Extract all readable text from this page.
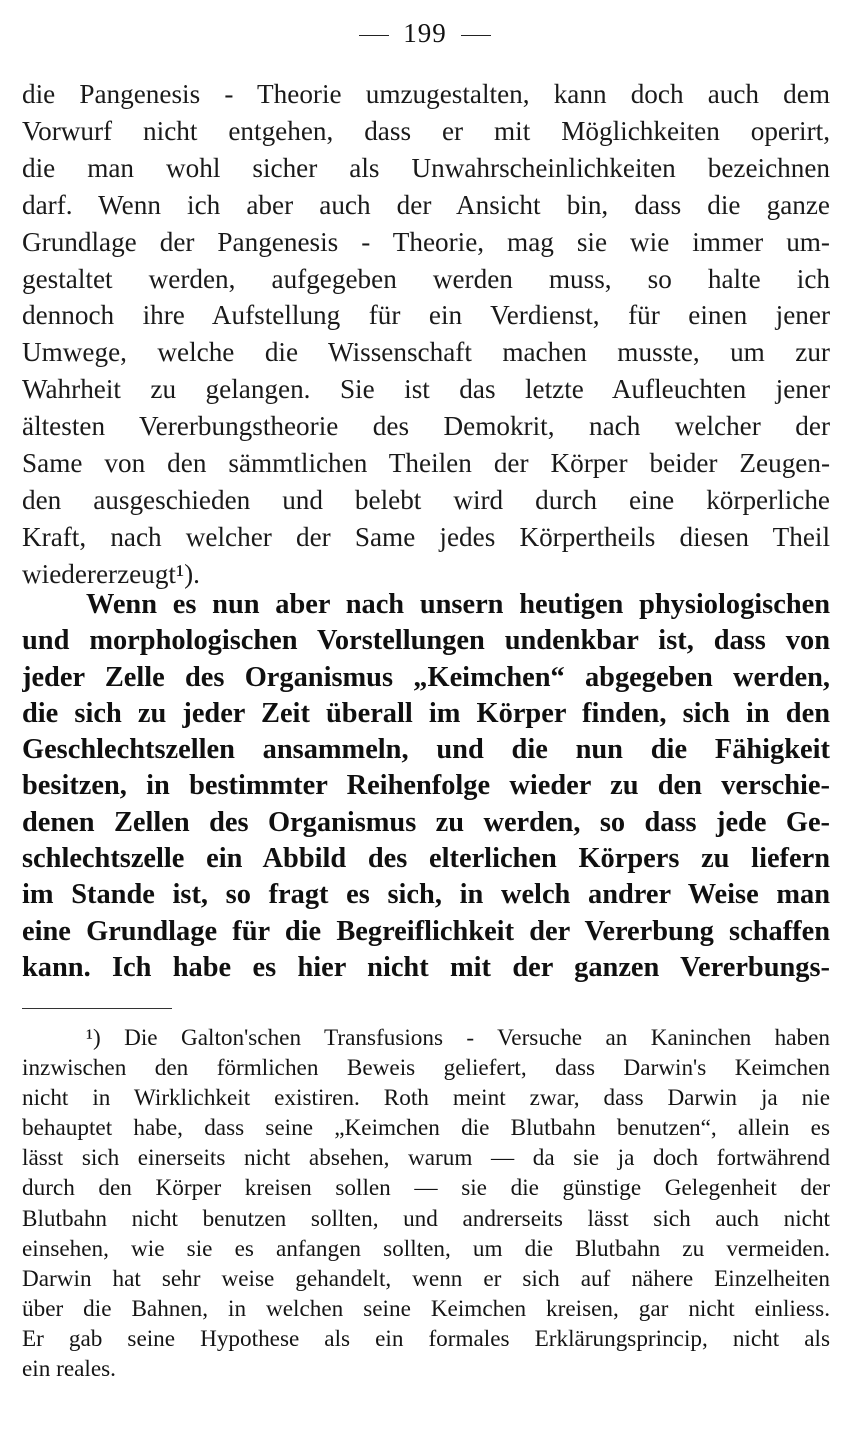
199
die Pangenesis - Theorie umzugestalten, kann doch auch dem
Vorwurf nicht entgehen, dass er mit Möglichkeiten operirt,
die man wohl sicher als Unwahrscheinlichkeiten bezeichnen
darf. Wenn ich aber auch der Ansicht bin, dass die ganze
Grundlage der Pangenesis - Theorie, mag sie wie immer um-
gestaltet werden, aufgegeben werden muss, so halte ich
dennoch ihre Aufstellung für ein Verdienst, für einen jener
Umwege, welche die Wissenschaft machen musste, um zur
Wahrheit zu gelangen. Sie ist das letzte Aufleuchten jener
ältesten Vererbungstheorie des Demokrit, nach welcher der
Same von den sämmtlichen Theilen der Körper beider Zeugen-
den ausgeschieden und belebt wird durch eine körperliche
Kraft, nach welcher der Same jedes Körpertheils diesen Theil
wiedererzeugt¹).
Wenn es nun aber nach unsern heutigen physiologischen
und morphologischen Vorstellungen undenkbar ist, dass von
jeder Zelle des Organismus „Keimchen“ abgegeben werden,
die sich zu jeder Zeit überall im Körper finden, sich in den
Geschlechtszellen ansammeln, und die nun die Fähigkeit
besitzen, in bestimmter Reihenfolge wieder zu den verschie-
denen Zellen des Organismus zu werden, so dass jede Ge-
schlechtszelle ein Abbild des elterlichen Körpers zu liefern
im Stande ist, so fragt es sich, in welch andrer Weise man
eine Grundlage für die Begreiflichkeit der Vererbung schaffen
kann. Ich habe es hier nicht mit der ganzen Vererbungs-
¹) Die Galton'schen Transfusions - Versuche an Kaninchen haben
inzwischen den förmlichen Beweis geliefert, dass Darwin's Keimchen
nicht in Wirklichkeit existiren. Roth meint zwar, dass Darwin ja nie
behauptet habe, dass seine „Keimchen die Blutbahn benutzen“, allein es
lässt sich einerseits nicht absehen, warum — da sie ja doch fortwährend
durch den Körper kreisen sollen — sie die günstige Gelegenheit der
Blutbahn nicht benutzen sollten, und andrerseits lässt sich auch nicht
einsehen, wie sie es anfangen sollten, um die Blutbahn zu vermeiden.
Darwin hat sehr weise gehandelt, wenn er sich auf nähere Einzelheiten
über die Bahnen, in welchen seine Keimchen kreisen, gar nicht einliess.
Er gab seine Hypothese als ein formales Erklärungsprincip, nicht als
ein reales.
